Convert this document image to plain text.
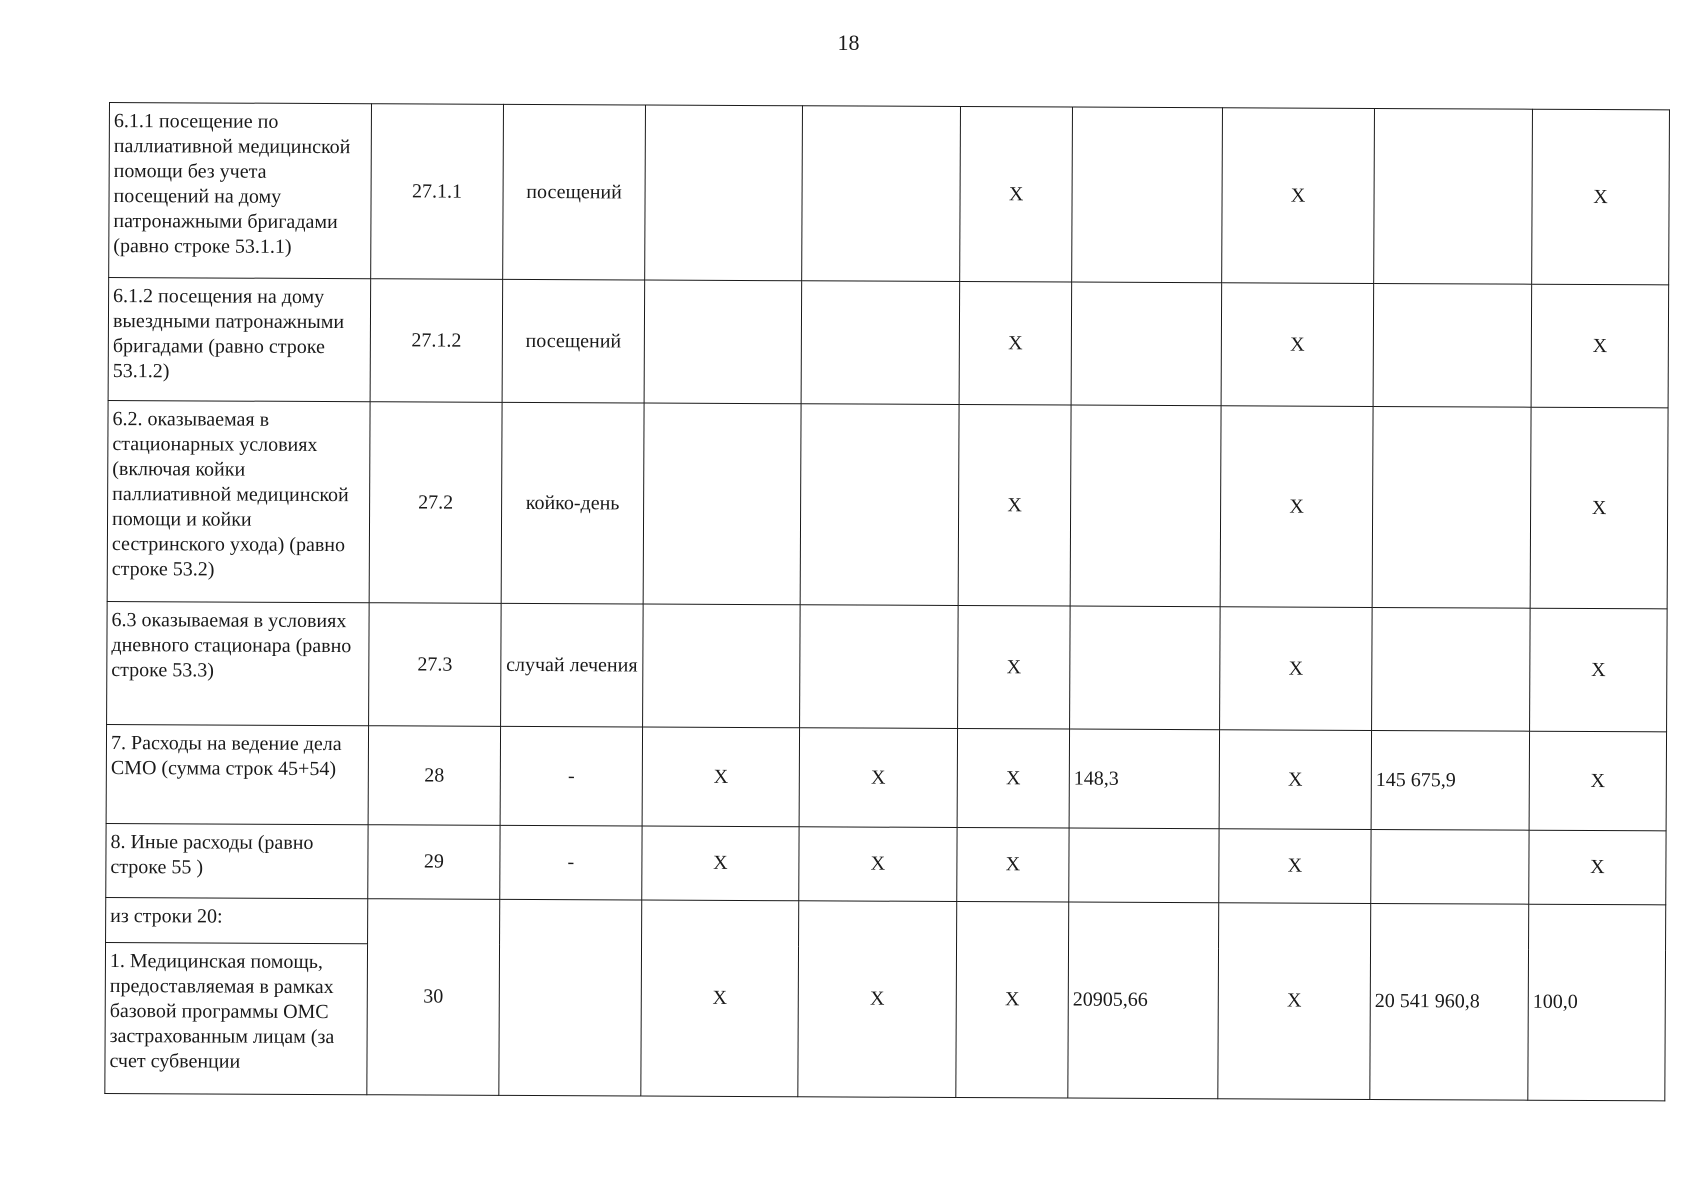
18
6.1.1 посещение по паллиативной медицинской помощи без учета посещений на дому патронажными бригадами (равно строке 53.1.1)	27.1.1	посещений			X		X		X
6.1.2 посещения на дому выездными патронажными бригадами (равно строке 53.1.2)	27.1.2	посещений			X		X		X
6.2. оказываемая в стационарных условиях (включая койки паллиативной медицинской помощи и койки сестринского ухода) (равно строке 53.2)	27.2	койко-день			X		X		X
6.3 оказываемая в условиях дневного стационара (равно строке 53.3)	27.3	случай лечения			X		X		X
7. Расходы на ведение дела СМО (сумма строк 45+54)	28	-	X	X	X	148,3	X	145 675,9	X
8. Иные расходы (равно строке 55 )	29	-	X	X	X		X		X
из строки 20:	30		X	X	X	20905,66	X	20 541 960,8	100,0
1. Медицинская помощь, предоставляемая в рамках базовой программы ОМС застрахованным лицам (за счет субвенции									
